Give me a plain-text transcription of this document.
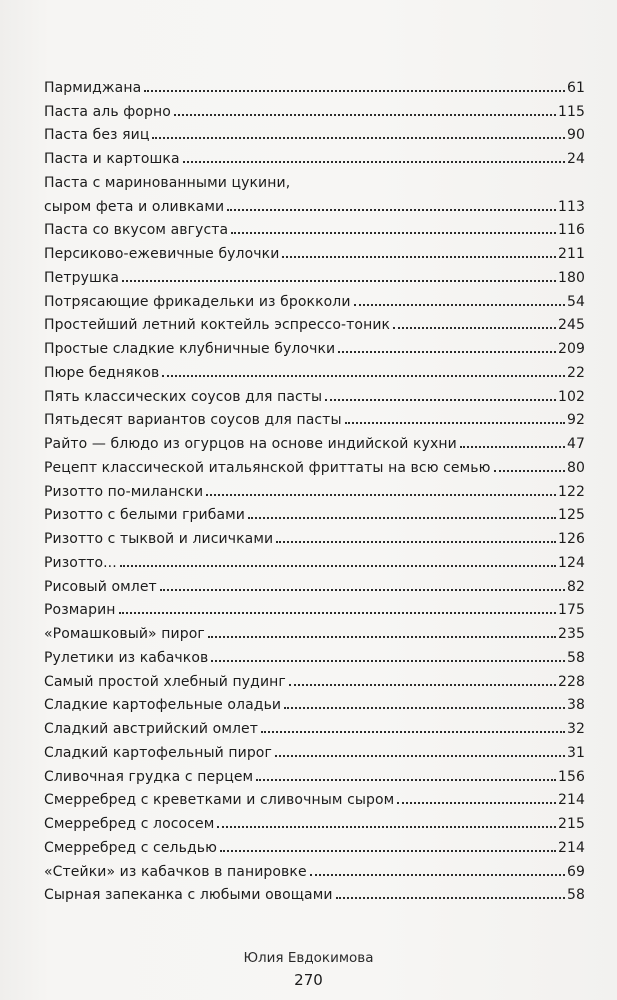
Пармиджана	61
Паста аль форно	115
Паста без яиц	90
Паста и картошка	24
Паста с маринованными цукини,
сыром фета и оливками	113
Паста со вкусом августа	116
Персиково-ежевичные булочки	211
Петрушка	180
Потрясающие фрикадельки из брокколи	54
Простейший летний коктейль эспрессо-тоник	245
Простые сладкие клубничные булочки	209
Пюре бедняков	22
Пять классических соусов для пасты	102
Пятьдесят вариантов соусов для пасты	92
Райто — блюдо из огурцов на основе индийской кухни	47
Рецепт классической итальянской фриттаты на всю семью	80
Ризотто по-милански	122
Ризотто с белыми грибами	125
Ризотто с тыквой и лисичками	126
Ризотто...	124
Рисовый омлет	82
Розмарин	175
«Ромашковый» пирог	235
Рулетики из кабачков	58
Самый простой хлебный пудинг	228
Сладкие картофельные оладьи	38
Сладкий австрийский омлет	32
Сладкий картофельный пирог	31
Сливочная грудка с перцем	156
Смерребред с креветками и сливочным сыром	214
Смерребред с лососем	215
Смерребред с сельдью	214
«Стейки» из кабачков в панировке	69
Сырная запеканка с любыми овощами	58
Юлия Евдокимова
270
